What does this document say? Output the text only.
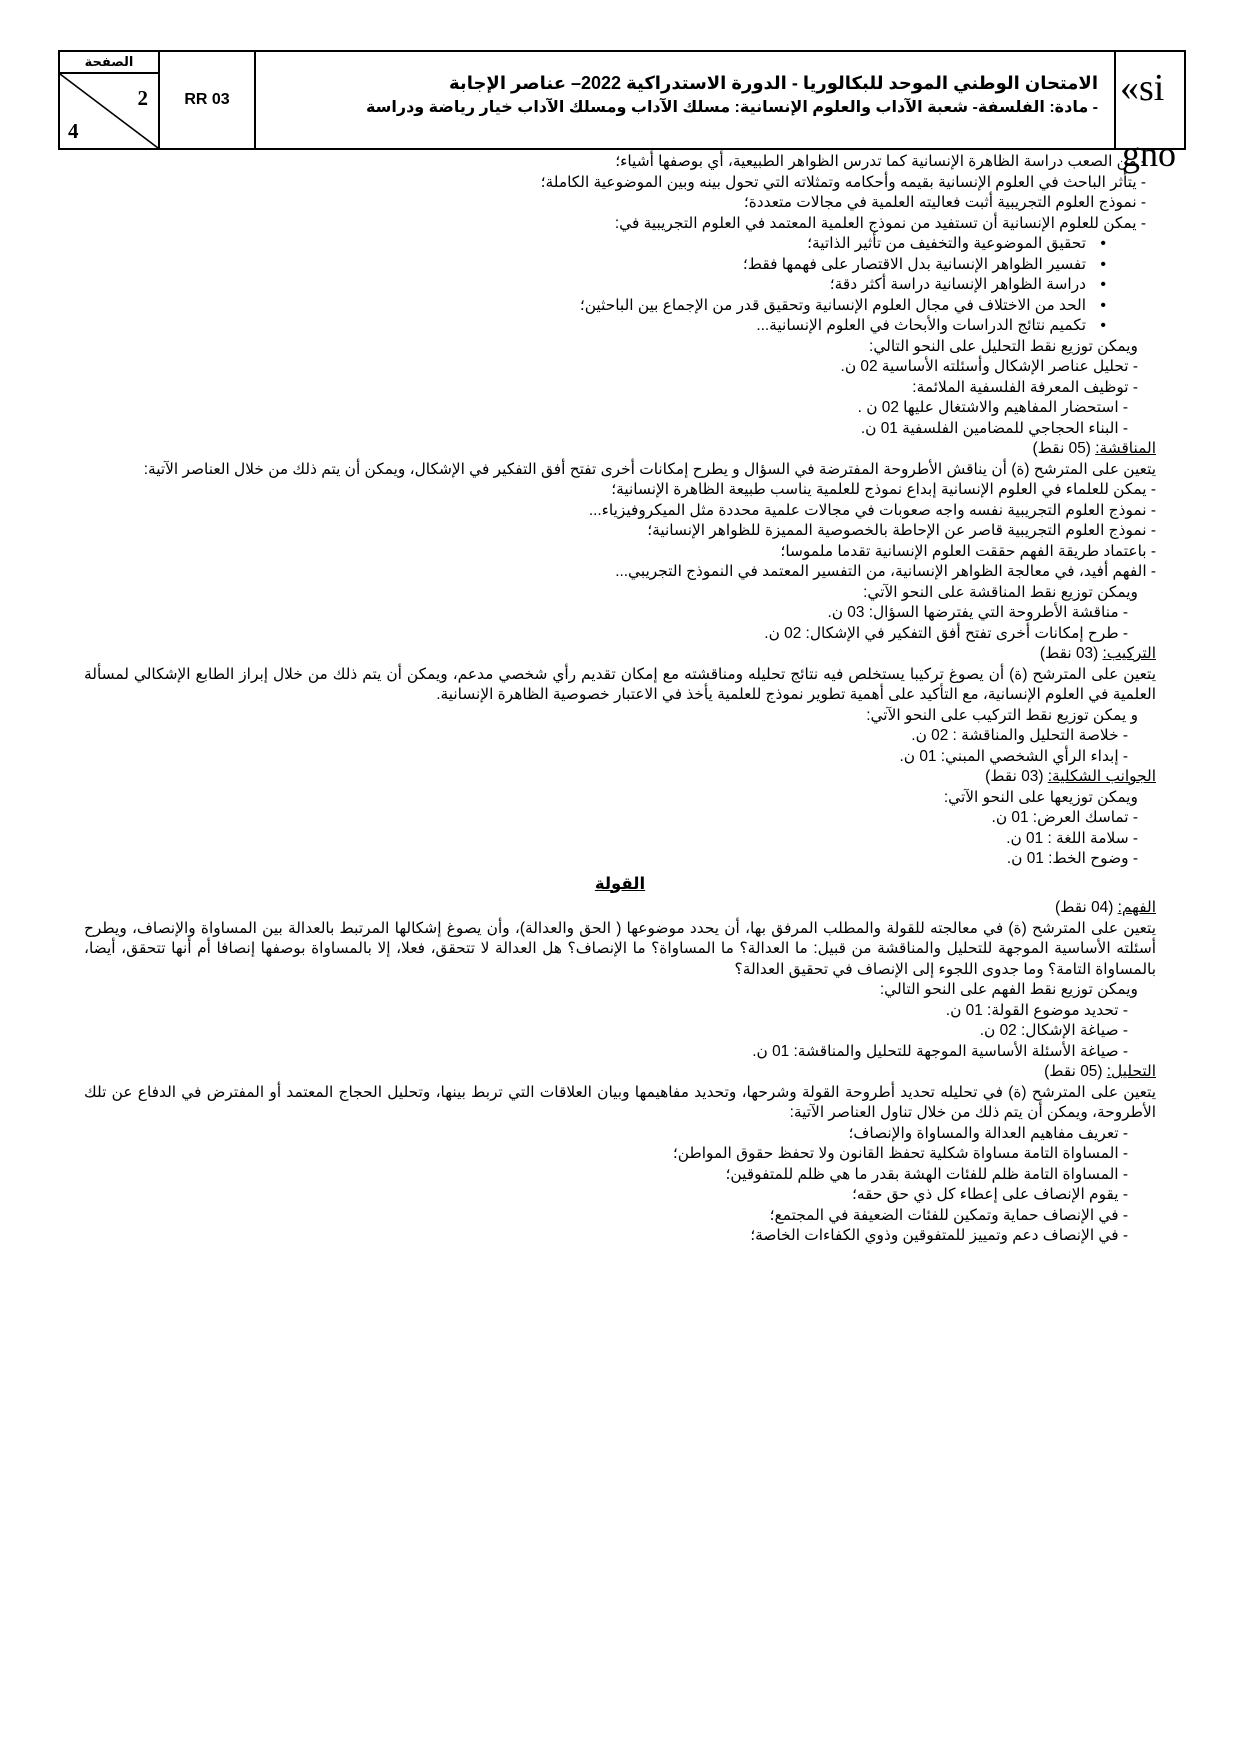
الصفحة
2
4
RR 03
الامتحان الوطني الموحد للبكالوريا - الدورة الاستدراكية 2022– عناصر الإجابة
- مادة: الفلسفة- شعبة الآداب والعلوم الإنسانية: مسلك الآداب ومسلك الآداب خيار رياضة ودراسة «si
gno
- من الصعب دراسة الظاهرة الإنسانية كما تدرس الظواهر الطبيعية، أي بوصفها أشياء؛
- يتأثر الباحث في العلوم الإنسانية بقيمه وأحكامه وتمثلاته التي تحول بينه وبين الموضوعية الكاملة؛
- نموذج العلوم التجريبية أثبت فعاليته العلمية في مجالات متعددة؛
- يمكن للعلوم الإنسانية أن تستفيد من نموذج العلمية المعتمد في العلوم التجريبية في:
• تحقيق الموضوعية والتخفيف من تأثير الذاتية؛
• تفسير الظواهر الإنسانية بدل الاقتصار على فهمها فقط؛
• دراسة الظواهر الإنسانية دراسة أكثر دقة؛
• الحد من الاختلاف في مجال العلوم الإنسانية وتحقيق قدر من الإجماع بين الباحثين؛
• تكميم نتائج الدراسات والأبحاث في العلوم الإنسانية...
ويمكن توزيع نقط التحليل على النحو التالي:
- تحليل عناصر الإشكال وأسئلته الأساسية 02 ن.
- توظيف المعرفة الفلسفية الملائمة:
- استحضار المفاهيم والاشتغال عليها 02 ن .
- البناء الحجاجي للمضامين الفلسفية 01 ن.
المناقشة: (05 نقط)
يتعين على المترشح (ة) أن يناقش الأطروحة المفترضة في السؤال و يطرح إمكانات أخرى تفتح أفق التفكير في الإشكال، ويمكن أن يتم ذلك من خلال العناصر الآتية:
- يمكن للعلماء في العلوم الإنسانية إبداع نموذج للعلمية يناسب طبيعة الظاهرة الإنسانية؛
- نموذج العلوم التجريبية نفسه واجه صعوبات في مجالات علمية محددة مثل الميكروفيزياء...
- نموذج العلوم التجريبية قاصر عن الإحاطة بالخصوصية المميزة للظواهر الإنسانية؛
- باعتماد طريقة الفهم حققت العلوم الإنسانية تقدما ملموسا؛
- الفهم أفيد، في معالجة الظواهر الإنسانية، من التفسير المعتمد في النموذج التجريبي...
ويمكن توزيع نقط المناقشة على النحو الآتي:
- مناقشة الأطروحة التي يفترضها السؤال: 03 ن.
- طرح إمكانات أخرى تفتح أفق التفكير في الإشكال: 02 ن.
التركيب: (03 نقط)
يتعين على المترشح (ة) أن يصوغ تركيبا يستخلص فيه نتائج تحليله ومناقشته مع إمكان تقديم رأي شخصي مدعم، ويمكن أن يتم ذلك من خلال إبراز الطابع الإشكالي لمسألة العلمية في العلوم الإنسانية، مع التأكيد على أهمية تطوير نموذج للعلمية يأخذ في الاعتبار خصوصية الظاهرة الإنسانية.
و يمكن توزيع نقط التركيب على النحو الآتي:
- خلاصة التحليل والمناقشة : 02 ن.
- إبداء الرأي الشخصي المبني: 01 ن.
الجوانب الشكلية: (03 نقط)
ويمكن توزيعها على النحو الآتي:
- تماسك العرض: 01 ن.
- سلامة اللغة : 01 ن.
- وضوح الخط: 01 ن.
القولة
الفهم: (04 نقط)
يتعين على المترشح (ة) في معالجته للقولة والمطلب المرفق بها، أن يحدد موضوعها ( الحق والعدالة)، وأن يصوغ إشكالها المرتبط بالعدالة بين المساواة والإنصاف، ويطرح أسئلته الأساسية الموجهة للتحليل والمناقشة من قبيل: ما العدالة؟ ما المساواة؟ ما الإنصاف؟ هل العدالة لا تتحقق، فعلا، إلا بالمساواة بوصفها إنصافا أم أنها تتحقق، أيضا، بالمساواة التامة؟ وما جدوى اللجوء إلى الإنصاف في تحقيق العدالة؟
ويمكن توزيع نقط الفهم على النحو التالي:
- تحديد موضوع القولة: 01 ن.
- صياغة الإشكال: 02 ن.
- صياغة الأسئلة الأساسية الموجهة للتحليل والمناقشة: 01 ن.
التحليل: (05 نقط)
يتعين على المترشح (ة) في تحليله تحديد أطروحة القولة وشرحها، وتحديد مفاهيمها وبيان العلاقات التي تربط بينها، وتحليل الحجاج المعتمد أو المفترض في الدفاع عن تلك الأطروحة، ويمكن أن يتم ذلك من خلال تناول العناصر الآتية:
- تعريف مفاهيم العدالة والمساواة والإنصاف؛
- المساواة التامة مساواة شكلية تحفظ القانون ولا تحفظ حقوق المواطن؛
- المساواة التامة ظلم للفئات الهشة بقدر ما هي ظلم للمتفوقين؛
- يقوم الإنصاف على إعطاء كل ذي حق حقه؛
- في الإنصاف حماية وتمكين للفئات الضعيفة في المجتمع؛
- في الإنصاف دعم وتمييز للمتفوقين وذوي الكفاءات الخاصة؛
